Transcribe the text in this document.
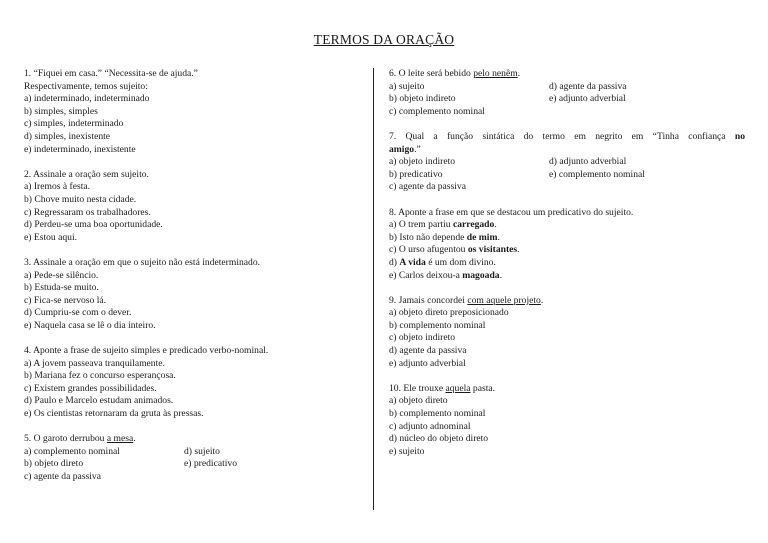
TERMOS DA ORAÇÃO
1. “Fiquei em casa.” “Necessita-se de ajuda.”
Respectivamente, temos sujeito:
a) indeterminado, indeterminado
b) simples, simples
c) simples, indeterminado
d) simples, inexistente
e) indeterminado, inexistente
2. Assinale a oração sem sujeito.
a) Iremos à festa.
b) Chove muito nesta cidade.
c) Regressaram os trabalhadores.
d) Perdeu-se uma boa oportunidade.
e) Estou aqui.
3. Assinale a oração em que o sujeito não está indeterminado.
a) Pede-se silêncio.
b) Estuda-se muito.
c) Fica-se nervoso lá.
d) Cumpriu-se com o dever.
e) Naquela casa se lê o dia inteiro.
4. Aponte a frase de sujeito simples e predicado verbo-nominal.
a) A jovem passeava tranquilamente.
b) Mariana fez o concurso esperançosa.
c) Existem grandes possibilidades.
d) Paulo e Marcelo estudam animados.
e) Os cientistas retornaram da gruta às pressas.
5. O garoto derrubou a mesa.
a) complemento nominal	d) sujeito
b) objeto direto	e) predicativo
c) agente da passiva
6. O leite será bebido pelo nenêm.
a) sujeito	d) agente da passiva
b) objeto indireto	e) adjunto adverbial
c) complemento nominal
7. Qual a função sintática do termo em negrito em “Tinha confiança no
amigo.”
a) objeto indireto	d) adjunto adverbial
b) predicativo	e) complemento nominal
c) agente da passiva
8. Aponte a frase em que se destacou um predicativo do sujeito.
a) O trem partiu carregado.
b) Isto não depende de mim.
c) O urso afugentou os visitantes.
d) A vida é um dom divino.
e) Carlos deixou-a magoada.
9. Jamais concordei com aquele projeto.
a) objeto direto preposicionado
b) complemento nominal
c) objeto indireto
d) agente da passiva
e) adjunto adverbial
10. Ele trouxe aquela pasta.
a) objeto direto
b) complemento nominal
c) adjunto adnominal
d) núcleo do objeto direto
e) sujeito
